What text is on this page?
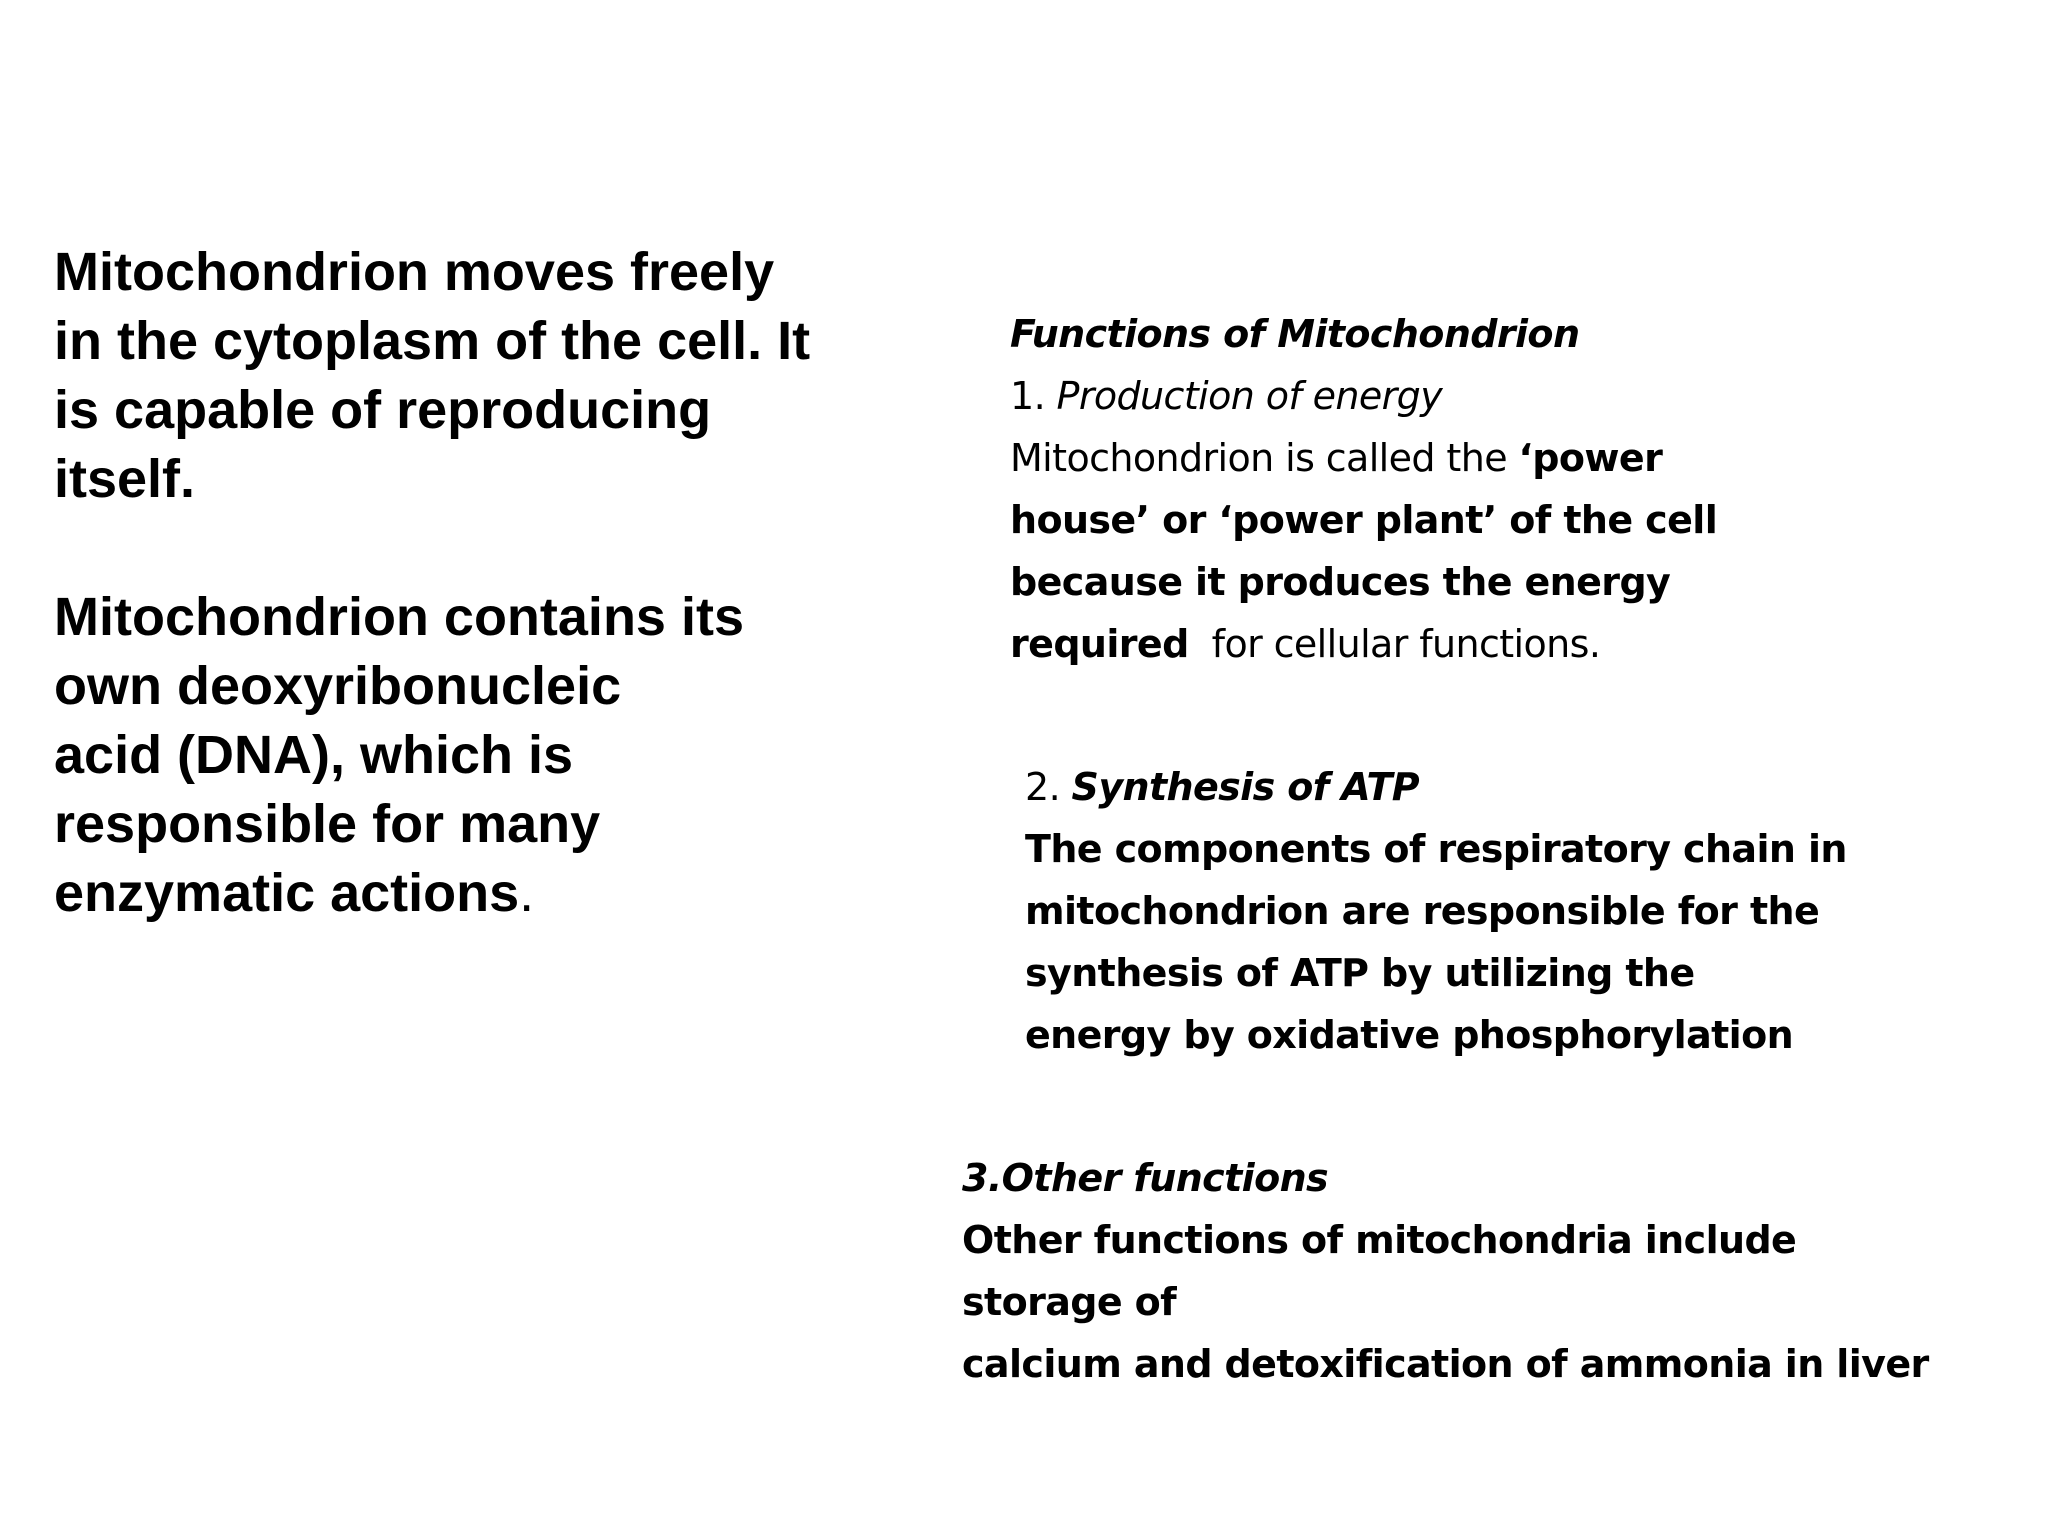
Mitochondrion moves freely
in the cytoplasm of the cell. It
is capable of reproducing
itself.

Mitochondrion contains its
own deoxyribonucleic
acid (DNA), which is
responsible for many
enzymatic actions.

Functions of Mitochondrion
1. Production of energy
Mitochondrion is called the ‘power
house’ or ‘power plant’ of the cell
because it produces the energy
required  for cellular functions.
2. Synthesis of ATP
The components of respiratory chain in
mitochondrion are responsible for the
synthesis of ATP by utilizing the
energy by oxidative phosphorylation
3.Other functions
Other functions of mitochondria include
storage of
calcium and detoxification of ammonia in liver
